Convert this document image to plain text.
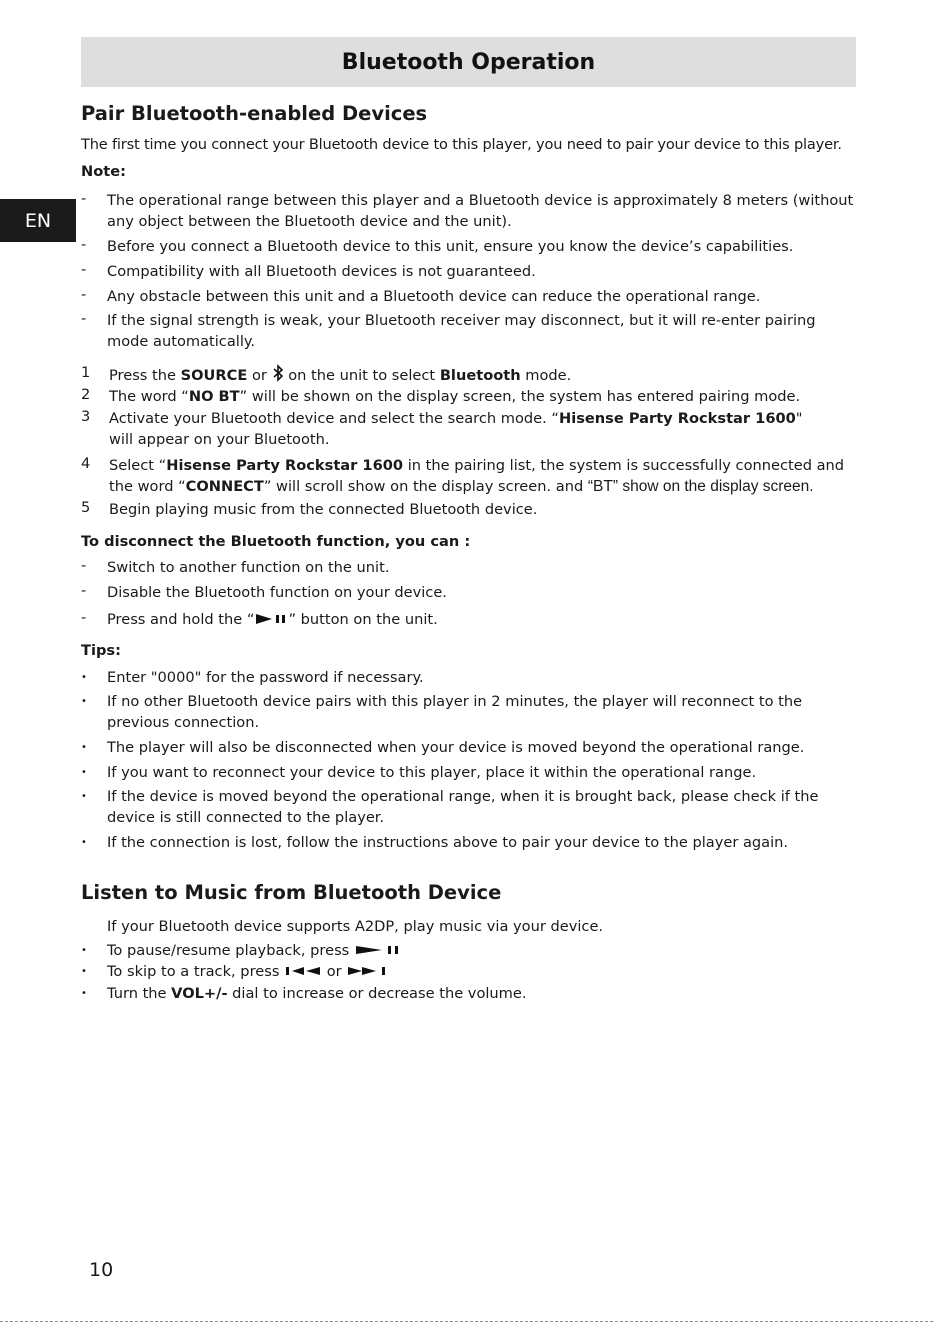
Bluetooth Operation
EN
Pair Bluetooth-enabled Devices
The first time you connect your Bluetooth device to this player, you need to pair your device to this player.
Note:
-	The operational range between this player and a Bluetooth device is approximately 8 meters (without
any object between the Bluetooth device and the unit).
-	Before you connect a Bluetooth device to this unit, ensure you know the device’s capabilities.
-	Compatibility with all Bluetooth devices is not guaranteed.
-	Any obstacle between this unit and a Bluetooth device can reduce the operational range.
-	If the signal strength is weak, your Bluetooth receiver may disconnect, but it will re-enter pairing
mode automatically.
1	Press the SOURCE or on the unit to select Bluetooth mode.
2	The word “NO BT” will be shown on the display screen, the system has entered pairing mode.
3	Activate your Bluetooth device and select the search mode. “Hisense Party Rockstar 1600"
will appear on your Bluetooth.
4	Select “Hisense Party Rockstar 1600 in the pairing list, the system is successfully connected and
the word “CONNECT” will scroll show on the display screen. and “BT” show on the display screen.
5	Begin playing music from the connected Bluetooth device.
To disconnect the Bluetooth function, you can :
-	Switch to another function on the unit.
-	Disable the Bluetooth function on your device.
-	Press and hold the “ ” button on the unit.
Tips:
•	Enter "0000" for the password if necessary.
•	If no other Bluetooth device pairs with this player in 2 minutes, the player will reconnect to the
previous connection.
•	The player will also be disconnected when your device is moved beyond the operational range.
•	If you want to reconnect your device to this player, place it within the operational range.
•	If the device is moved beyond the operational range, when it is brought back, please check if the
device is still connected to the player.
•	If the connection is lost, follow the instructions above to pair your device to the player again.
Listen to Music from Bluetooth Device
If your Bluetooth device supports A2DP, play music via your device.
•	To pause/resume playback, press
•	To skip to a track, press	or
•	Turn the VOL+/- dial to increase or decrease the volume.
10
